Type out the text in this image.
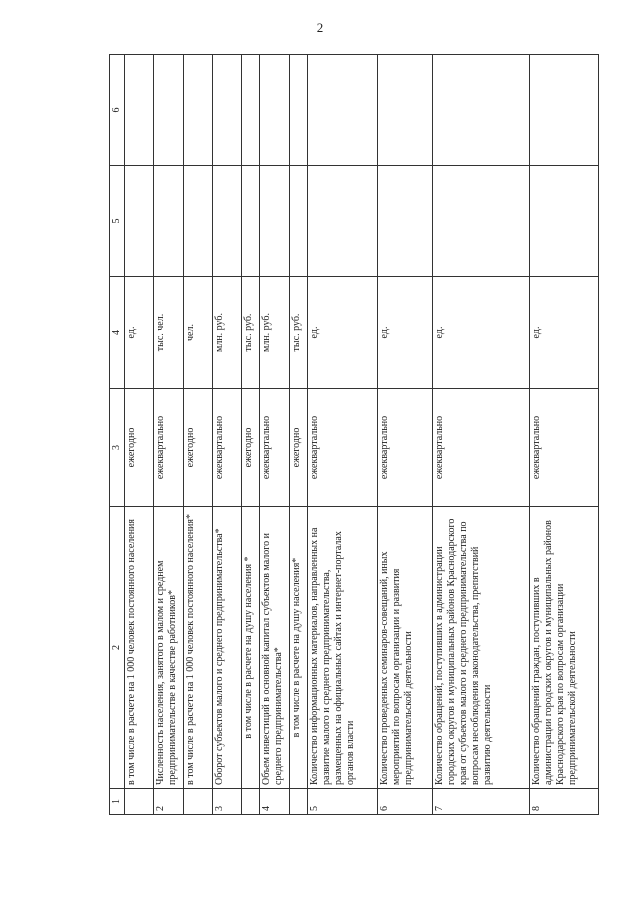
2
1	2	3	4	5	6
	в том числе в расчете на 1 000 человек постоянного населения	ежегодно	ед.		
2	Численность населения, занятого в малом и среднем предпринимательстве в качестве работников*	ежеквартально	тыс. чел.		
	в том числе в расчете на 1 000 человек постоянного населения*	ежегодно	чел.		
3	Оборот субъектов малого и среднего предпринимательства*	ежеквартально	млн. руб.		
	в том числе в расчете на душу населения *	ежегодно	тыс. руб.		
4	Объем инвестиций в основной капитал субъектов малого и среднего предпринимательства*	ежеквартально	млн. руб.		
	в том числе в расчете на душу населения*	ежегодно	тыс. руб.		
5	Количество информационных материалов, направленных на развитие малого и среднего предпринимательства, размещенных на официальных сайтах и интернет-порталах органов власти	ежеквартально	ед.		
6	Количество проведенных семинаров-совещаний, иных мероприятий по вопросам организации и развития предпринимательской деятельности	ежеквартально	ед.		
7	Количество обращений, поступивших в администрации городских округов и муниципальных районов Краснодарского края от субъектов малого и среднего предпринимательства по вопросам несоблюдения законодательства, препятствий развитию деятельности	ежеквартально	ед.		
8	Количество обращений граждан, поступивших в администрации городских округов и муниципальных районов Краснодарского края по вопросам организации предпринимательской деятельности	ежеквартально	ед.		
